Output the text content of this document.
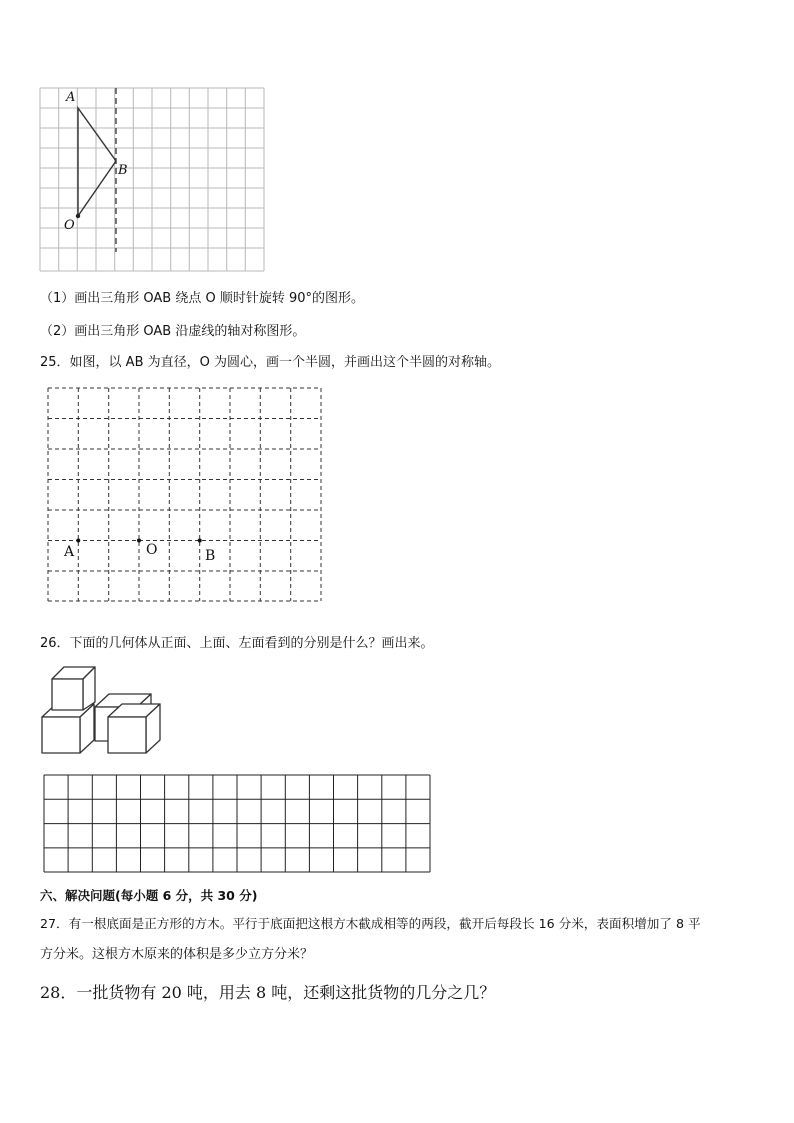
A
B
O
（1）画出三角形 OAB 绕点 O 顺时针旋转 90°的图形。
（2）画出三角形 OAB 沿虚线的轴对称图形。
25．如图，以 AB 为直径，O 为圆心，画一个半圆，并画出这个半圆的对称轴。
A	O	B
26．下面的几何体从正面、上面、左面看到的分别是什么？画出来。
六、解决问题(每小题 6 分，共 30 分)
27．有一根底面是正方形的方木。平行于底面把这根方木截成相等的两段，截开后每段长 16 分米，表面积增加了 8 平
方分米。这根方木原来的体积是多少立方分米？
28．一批货物有 20 吨，用去 8 吨，还剩这批货物的几分之几？
